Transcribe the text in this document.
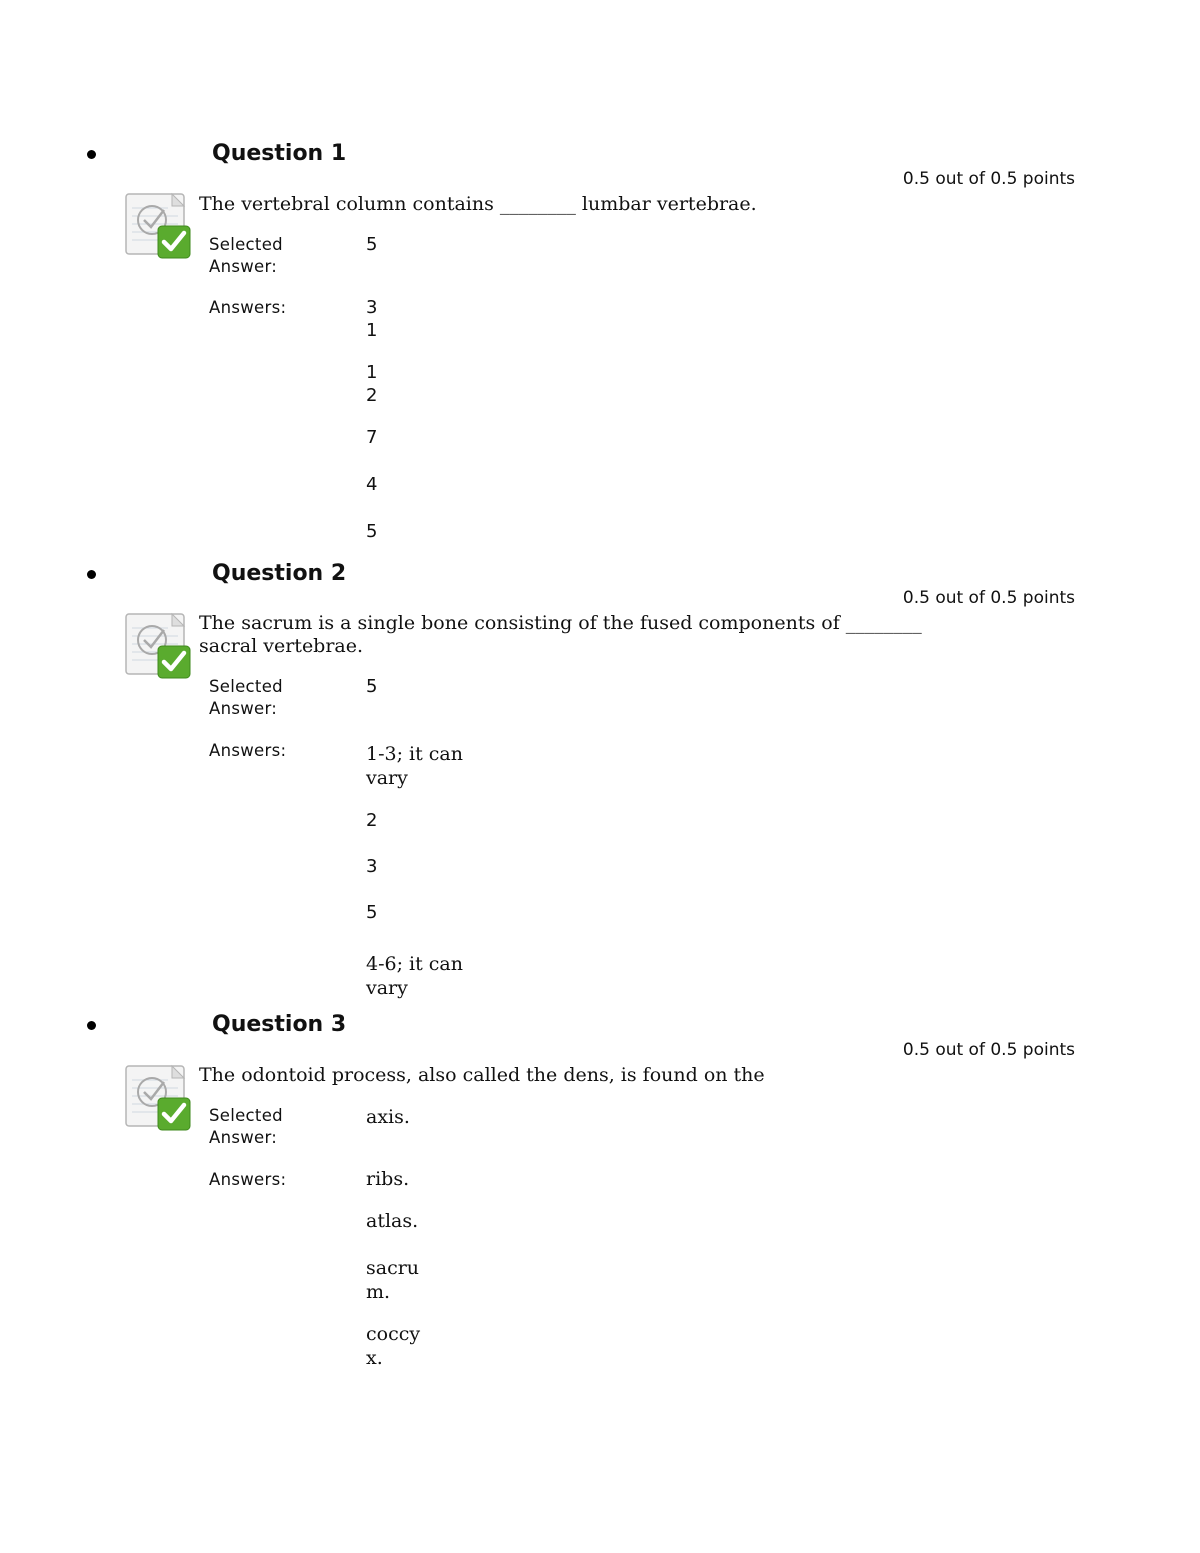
Question 1
0.5 out of 0.5 points
The vertebral column contains ________ lumbar vertebrae.
Selected Answer:
5
Answers:	3
1
1
2
7
4
5
Question 2
0.5 out of 0.5 points
The sacrum is a single bone consisting of the fused components of ________ sacral vertebrae.
Selected Answer:
5
Answers:	1-3; it can vary
2
3
5
4-6; it can vary
Question 3
0.5 out of 0.5 points
The odontoid process, also called the dens, is found on the
Selected Answer:
axis.
Answers:	ribs.
atlas.
sacrum.
coccyx.
